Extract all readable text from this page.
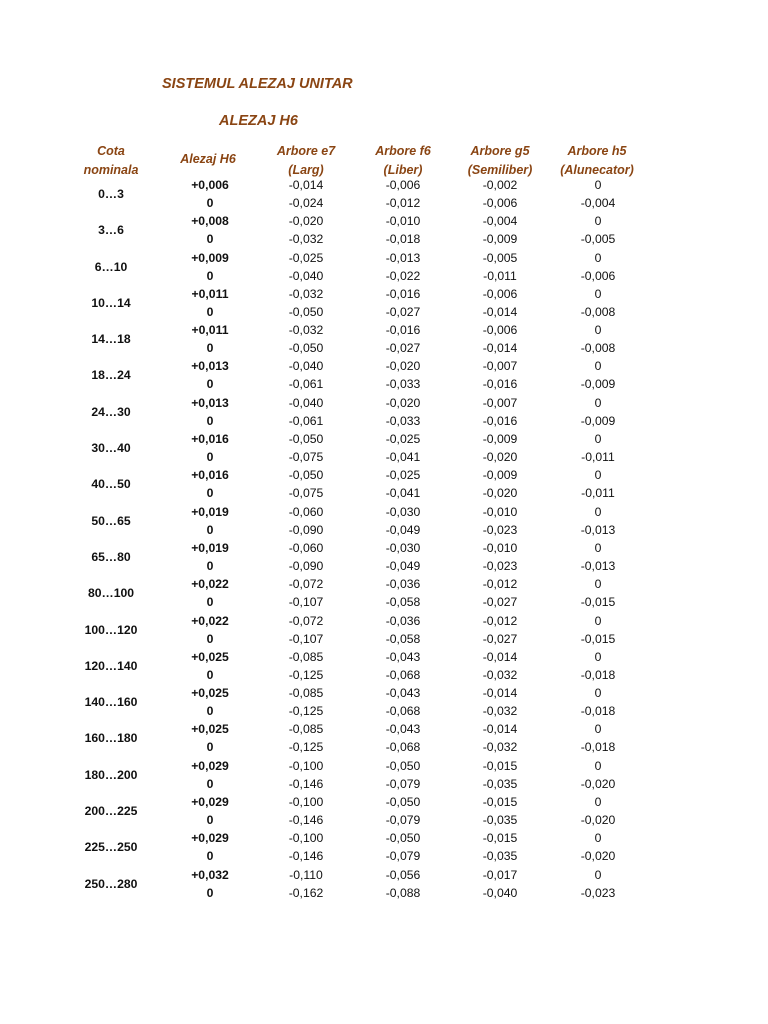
SISTEMUL ALEZAJ UNITAR
ALEZAJ H6
Cota
nominala
Alezaj H6
Arbore e7
(Larg)
Arbore f6
(Liber)
Arbore g5
(Semiliber)
Arbore h5
(Alunecator)
0…3
+0,006
0
-0,014
-0,024
-0,006
-0,012
-0,002
-0,006
0
-0,004
3…6
+0,008
0
-0,020
-0,032
-0,010
-0,018
-0,004
-0,009
0
-0,005
6…10
+0,009
0
-0,025
-0,040
-0,013
-0,022
-0,005
-0,011
0
-0,006
10…14
+0,011
0
-0,032
-0,050
-0,016
-0,027
-0,006
-0,014
0
-0,008
14…18
+0,011
0
-0,032
-0,050
-0,016
-0,027
-0,006
-0,014
0
-0,008
18…24
+0,013
0
-0,040
-0,061
-0,020
-0,033
-0,007
-0,016
0
-0,009
24…30
+0,013
0
-0,040
-0,061
-0,020
-0,033
-0,007
-0,016
0
-0,009
30…40
+0,016
0
-0,050
-0,075
-0,025
-0,041
-0,009
-0,020
0
-0,011
40…50
+0,016
0
-0,050
-0,075
-0,025
-0,041
-0,009
-0,020
0
-0,011
50…65
+0,019
0
-0,060
-0,090
-0,030
-0,049
-0,010
-0,023
0
-0,013
65…80
+0,019
0
-0,060
-0,090
-0,030
-0,049
-0,010
-0,023
0
-0,013
80…100
+0,022
0
-0,072
-0,107
-0,036
-0,058
-0,012
-0,027
0
-0,015
100…120
+0,022
0
-0,072
-0,107
-0,036
-0,058
-0,012
-0,027
0
-0,015
120…140
+0,025
0
-0,085
-0,125
-0,043
-0,068
-0,014
-0,032
0
-0,018
140…160
+0,025
0
-0,085
-0,125
-0,043
-0,068
-0,014
-0,032
0
-0,018
160…180
+0,025
0
-0,085
-0,125
-0,043
-0,068
-0,014
-0,032
0
-0,018
180…200
+0,029
0
-0,100
-0,146
-0,050
-0,079
-0,015
-0,035
0
-0,020
200…225
+0,029
0
-0,100
-0,146
-0,050
-0,079
-0,015
-0,035
0
-0,020
225…250
+0,029
0
-0,100
-0,146
-0,050
-0,079
-0,015
-0,035
0
-0,020
250…280
+0,032
0
-0,110
-0,162
-0,056
-0,088
-0,017
-0,040
0
-0,023
